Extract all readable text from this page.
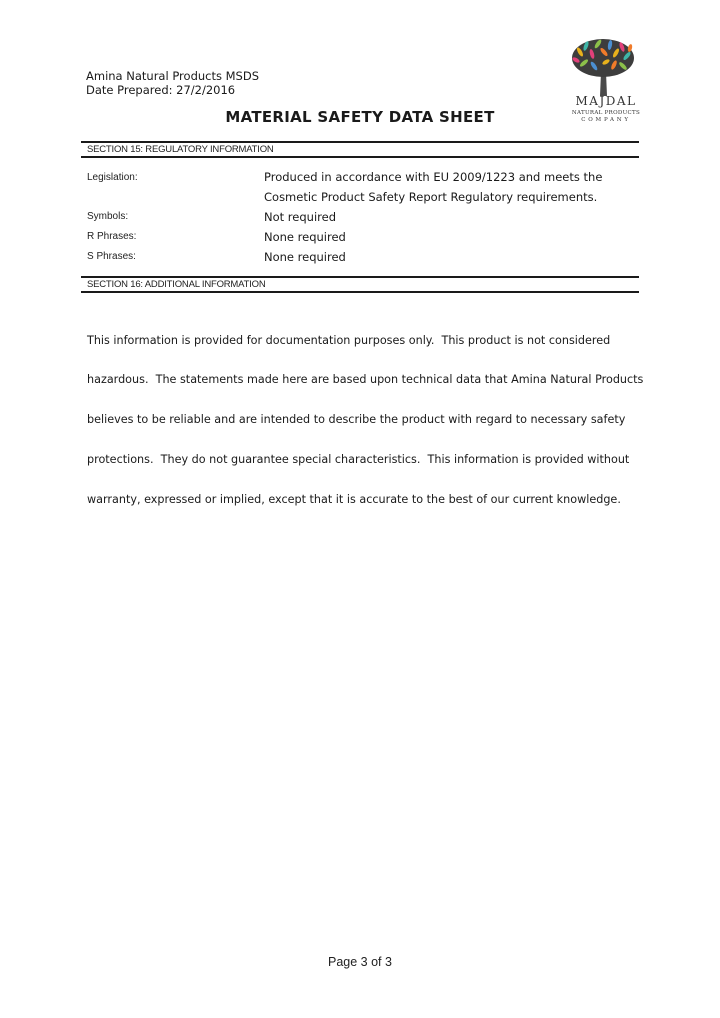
Amina Natural Products MSDS
Date Prepared: 27/2/2016
MAJDAL
NATURAL PRODUCTS
COMPANY
MATERIAL SAFETY DATA SHEET
SECTION 15: REGULATORY INFORMATION
Legislation:	Produced in accordance with EU 2009/1223 and meets the
Cosmetic Product Safety Report Regulatory requirements.
Symbols:	Not required
R Phrases:	None required
S Phrases:	None required
SECTION 16: ADDITIONAL INFORMATION

This information is provided for documentation purposes only.  This product is not considered

hazardous.  The statements made here are based upon technical data that Amina Natural Products

believes to be reliable and are intended to describe the product with regard to necessary safety

protections.  They do not guarantee special characteristics.  This information is provided without

warranty, expressed or implied, except that it is accurate to the best of our current knowledge.

Page 3 of 3
